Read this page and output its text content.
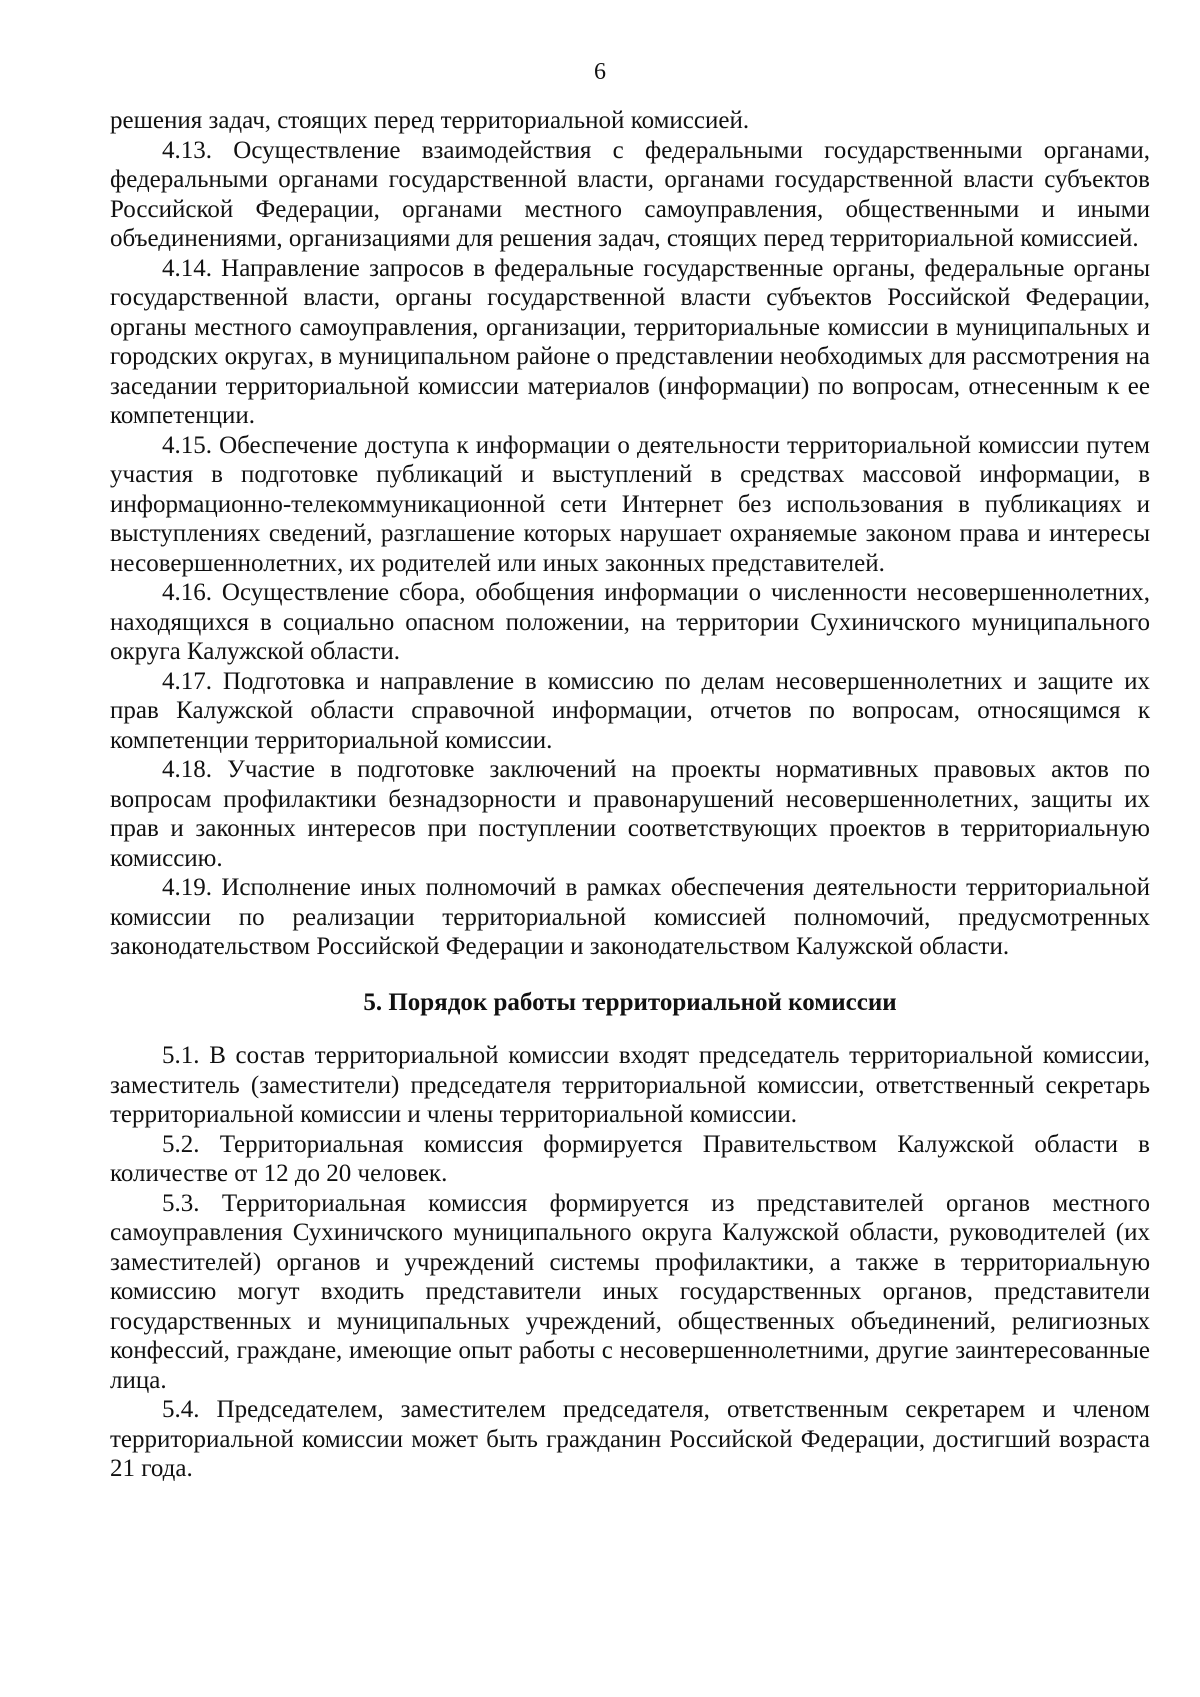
6

решения задач, стоящих перед территориальной комиссией.

4.13. Осуществление взаимодействия с федеральными государственными органами, федеральными органами государственной власти, органами государственной власти субъектов Российской Федерации, органами местного самоуправления, общественными и иными объединениями, организациями для решения задач, стоящих перед территориальной комиссией.

4.14. Направление запросов в федеральные государственные органы, федеральные органы государственной власти, органы государственной власти субъектов Российской Федерации, органы местного самоуправления, организации, территориальные комиссии в муниципальных и городских округах, в муниципальном районе о представлении необходимых для рассмотрения на заседании территориальной комиссии материалов (информации) по вопросам, отнесенным к ее компетенции.

4.15. Обеспечение доступа к информации о деятельности территориальной комиссии путем участия в подготовке публикаций и выступлений в средствах массовой информации, в информационно-телекоммуникационной сети Интернет без использования в публикациях и выступлениях сведений, разглашение которых нарушает охраняемые законом права и интересы несовершеннолетних, их родителей или иных законных представителей.

4.16. Осуществление сбора, обобщения информации о численности несовершеннолетних, находящихся в социально опасном положении, на территории Сухиничского муниципального округа Калужской области.

4.17. Подготовка и направление в комиссию по делам несовершеннолетних и защите их прав Калужской области справочной информации, отчетов по вопросам, относящимся к компетенции территориальной комиссии.

4.18. Участие в подготовке заключений на проекты нормативных правовых актов по вопросам профилактики безнадзорности и правонарушений несовершеннолетних, защиты их прав и законных интересов при поступлении соответствующих проектов в территориальную комиссию.

4.19. Исполнение иных полномочий в рамках обеспечения деятельности территориальной комиссии по реализации территориальной комиссией полномочий, предусмотренных законодательством Российской Федерации и законодательством Калужской области.

5. Порядок работы территориальной комиссии

5.1. В состав территориальной комиссии входят председатель территориальной комиссии, заместитель (заместители) председателя территориальной комиссии, ответственный секретарь территориальной комиссии и члены территориальной комиссии.

5.2. Территориальная комиссия формируется Правительством Калужской области в количестве от 12 до 20 человек.

5.3. Территориальная комиссия формируется из представителей органов местного самоуправления Сухиничского муниципального округа Калужской области, руководителей (их заместителей) органов и учреждений системы профилактики, а также в территориальную комиссию могут входить представители иных государственных органов, представители государственных и муниципальных учреждений, общественных объединений, религиозных конфессий, граждане, имеющие опыт работы с несовершеннолетними, другие заинтересованные лица.

5.4. Председателем, заместителем председателя, ответственным секретарем и членом территориальной комиссии может быть гражданин Российской Федерации, достигший возраста 21 года.
